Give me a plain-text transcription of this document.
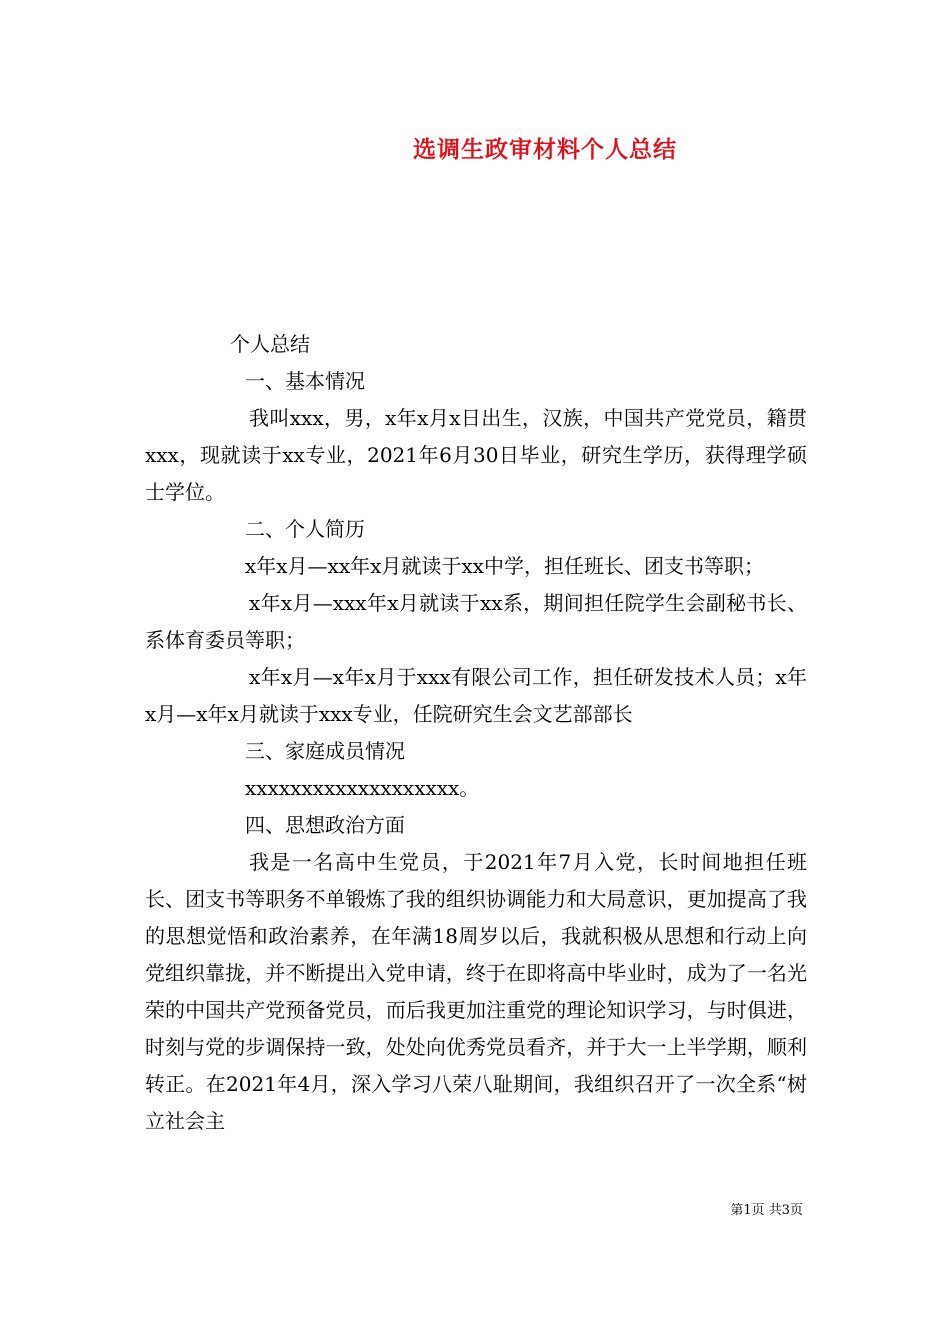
选调生政审材料个人总结

个人总结

一、基本情况

我叫xxx，男，x年x月x日出生，汉族，中国共产党党员，籍贯xxx，现就读于xx专业，2021年6月30日毕业，研究生学历，获得理学硕士学位。

二、个人简历

x年x月—xx年x月就读于xx中学，担任班长、团支书等职；

x年x月—xxx年x月就读于xx系，期间担任院学生会副秘书长、系体育委员等职；

x年x月—x年x月于xxx有限公司工作，担任研发技术人员；x年x月—x年x月就读于xxx专业，任院研究生会文艺部部长

三、家庭成员情况

xxxxxxxxxxxxxxxxxxx。

四、思想政治方面

我是一名高中生党员，于2021年7月入党，长时间地担任班长、团支书等职务不单锻炼了我的组织协调能力和大局意识，更加提高了我的思想觉悟和政治素养，在年满18周岁以后，我就积极从思想和行动上向党组织靠拢，并不断提出入党申请，终于在即将高中毕业时，成为了一名光荣的中国共产党预备党员，而后我更加注重党的理论知识学习，与时俱进，时刻与党的步调保持一致，处处向优秀党员看齐，并于大一上半学期，顺利转正。在2021年4月，深入学习八荣八耻期间，我组织召开了一次全系“树立社会主

第1页 共3页
